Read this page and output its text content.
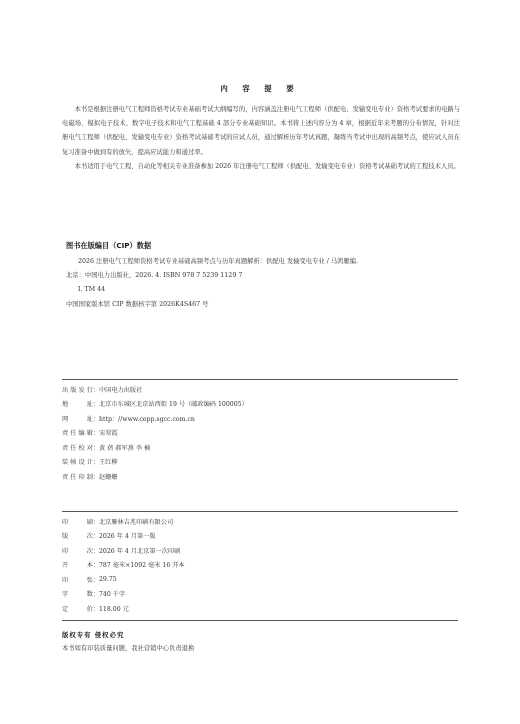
内 容 提 要

本书是根据注册电气工程师资格考试专业基础考试大纲编写的，内容涵盖注册电气工程师（供配电、发输变电专业）资格考试要求的电路与电磁场、模拟电子技术、数字电子技术和电气工程基础 4 部分专业基础知识。本书将上述内容分为 4 章，根据近年来考题的分布情况，针对注册电气工程师（供配电、发输变电专业）资格考试基础考试的应试人员，通过解析历年考试真题，凝练当考试中出现的高频考点，使应试人员在复习准备中做到有的放矢，提高应试能力和通过率。

本书适用于电气工程、自动化等相关专业准备参加 2026 年注册电气工程师（供配电、发输变电专业）资格考试基础考试的工程技术人员。

图书在版编目（CIP）数据
2026 注册电气工程师资格考试专业基础高频考点与历年真题解析：供配电 发输变电专业 / 马鸿雁编.
北京：中国电力出版社，2026. 4. ISBN 978 7 5239 1129 7
Ⅰ. TM 44
中国国家版本馆 CIP 数据核字第 2026K4S467 号
出版发行 ： 中国电力出版社
地址 ： 北京市东城区北京站西街 19 号（邮政编码 100005）
网址 ： http：//www.cepp.sgcc.com.cn
责任编辑 ： 宋翠霞
责任校对 ： 黄 蓓 郝军燕 李 楠
装帧设计 ： 王红柳
责任印制 ： 赵姗姗
印刷 ： 北京雁林吉兆印刷有限公司
版次 ： 2026 年 4 月第一版
印次 ： 2026 年 4 月北京第一次印刷
开本 ： 787 毫米×1092 毫米 16 开本
印张 ： 29.75
字数 ： 740 千字
定价 ： 118.00 元
版权专有 侵权必究
本书如有印装质量问题，我社营销中心负责退换
